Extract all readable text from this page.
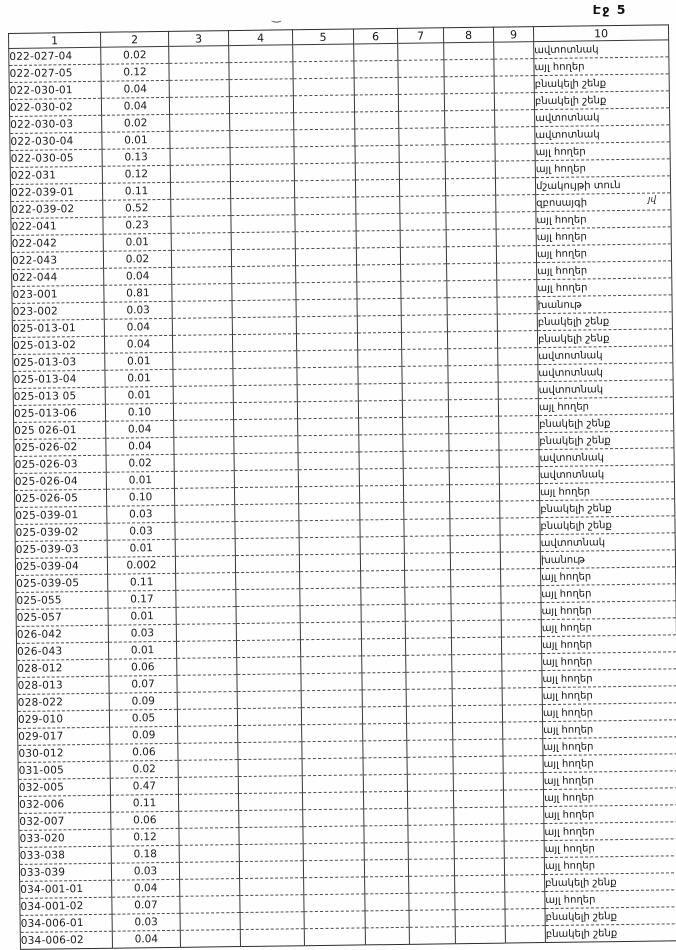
Էջ 5
‿
յվ
1	2	3	4	5	6	7	8	9	10
022-027-04	0.02								ավտոտնակ
022-027-05	0.12								այլ հողեր
022-030-01	0.04								բնակելի շենք
022-030-02	0.04								բնակելի շենք
022-030-03	0.02								ավտոտնակ
022-030-04	0.01								ավտոտնակ
022-030-05	0.13								այլ հողեր
022-031	0.12								այլ հողեր
022-039-01	0.11								մշակույթի տուն
022-039-02	0.52								զբոսայգի
022-041	0.23								այլ հողեր
022-042	0.01								այլ հողեր
022-043	0.02								այլ հողեր
022-044	0.04								այլ հողեր
023-001	0.81								այլ հողեր
023-002	0.03								խանութ
025-013-01	0.04								բնակելի շենք
025-013-02	0.04								բնակելի շենք
025-013-03	0.01								ավտոտնակ
025-013-04	0.01								ավտոտնակ
025-013 05	0.01								ավտոտնակ
025-013-06	0.10								այլ հողեր
025 026-01	0.04								բնակելի շենք
025-026-02	0.04								բնակելի շենք
025-026-03	0.02								ավտոտնակ
025-026-04	0.01								ավտոտնակ
025-026-05	0.10								այլ հողեր
025-039-01	0.03								բնակելի շենք
025-039-02	0.03								բնակելի շենք
025-039-03	0.01								ավտոտնակ
025-039-04	0.002								խանութ
025-039-05	0.11								այլ հողեր
025-055	0.17								այլ հողեր
025-057	0.01								այլ հողեր
026-042	0.03								այլ հողեր
026-043	0.01								այլ հողեր
028-012	0.06								այլ հողեր
028-013	0.07								այլ հողեր
028-022	0.09								այլ հողեր
029-010	0.05								այլ հողեր
029-017	0.09								այլ հողեր
030-012	0.06								այլ հողեր
031-005	0.02								այլ հողեր
032-005	0.47								այլ հողեր
032-006	0.11								այլ հողեր
032-007	0.06								այլ հողեր
033-020	0.12								այլ հողեր
033-038	0.18								այլ հողեր
033-039	0.03								այլ հողեր
034-001-01	0.04								բնակելի շենք
034-001-02	0.07								այլ հողեր
034-006-01	0.03								բնակելի շենք
034-006-02	0.04								բնակելի շենք
